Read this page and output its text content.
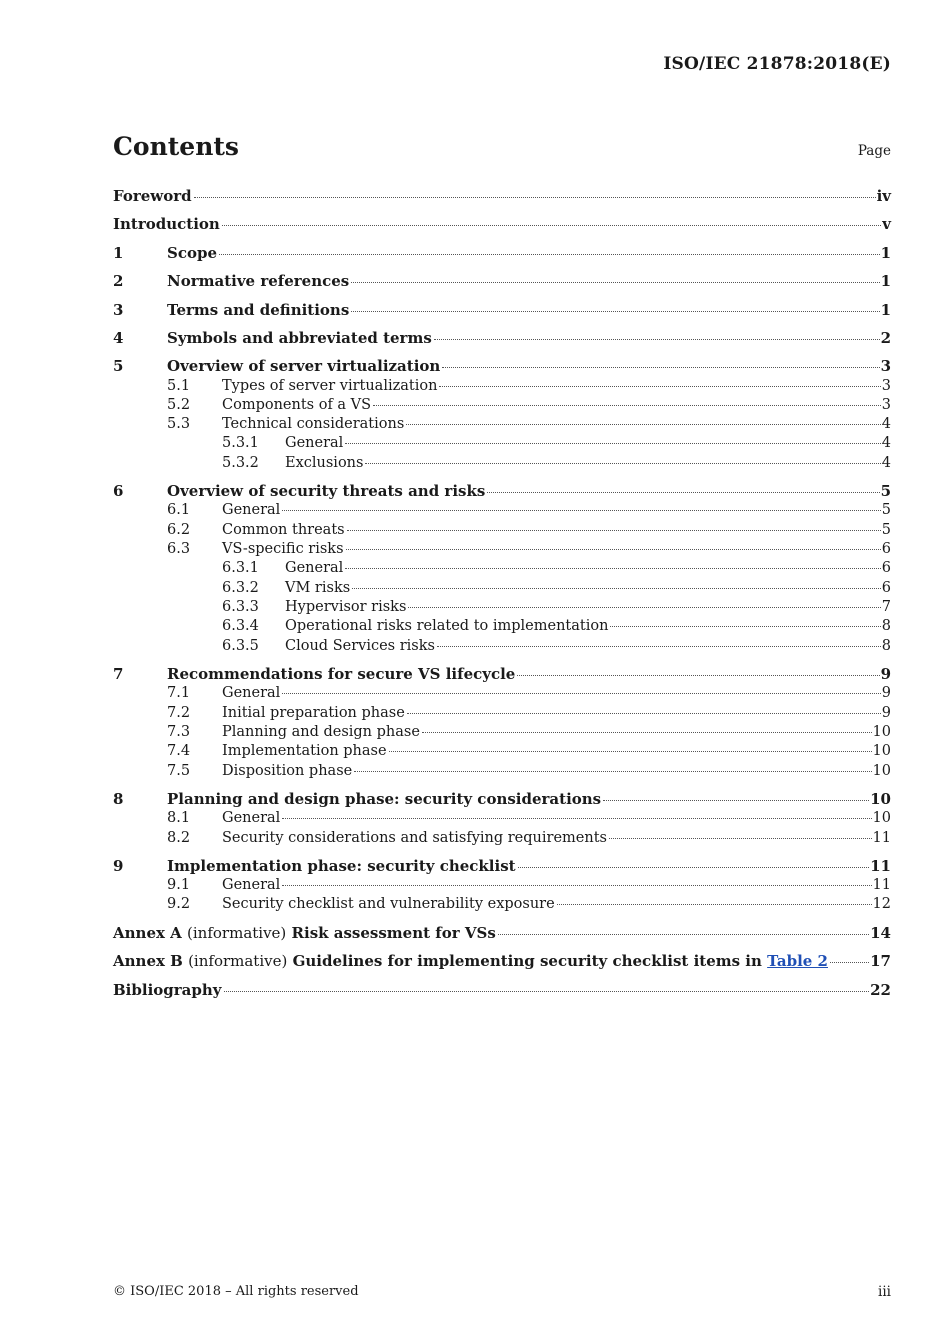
ISO/IEC 21878:2018(E)
Contents	Page
Foreword	iv
Introduction	v
1	Scope	1
2	Normative references	1
3	Terms and definitions	1
4	Symbols and abbreviated terms	2
5	Overview of server virtualization	3
5.1	Types of server virtualization	3
5.2	Components of a VS	3
5.3	Technical considerations	4
5.3.1	General	4
5.3.2	Exclusions	4
6	Overview of security threats and risks	5
6.1	General	5
6.2	Common threats	5
6.3	VS-specific risks	6
6.3.1	General	6
6.3.2	VM risks	6
6.3.3	Hypervisor risks	7
6.3.4	Operational risks related to implementation	8
6.3.5	Cloud Services risks	8
7	Recommendations for secure VS lifecycle	9
7.1	General	9
7.2	Initial preparation phase	9
7.3	Planning and design phase	10
7.4	Implementation phase	10
7.5	Disposition phase	10
8	Planning and design phase: security considerations	10
8.1	General	10
8.2	Security considerations and satisfying requirements	11
9	Implementation phase: security checklist	11
9.1	General	11
9.2	Security checklist and vulnerability exposure	12
Annex A (informative) Risk assessment for VSs	14
Annex B (informative) Guidelines for implementing security checklist items in Table 2	17
Bibliography	22
© ISO/IEC 2018 – All rights reserved	iii
